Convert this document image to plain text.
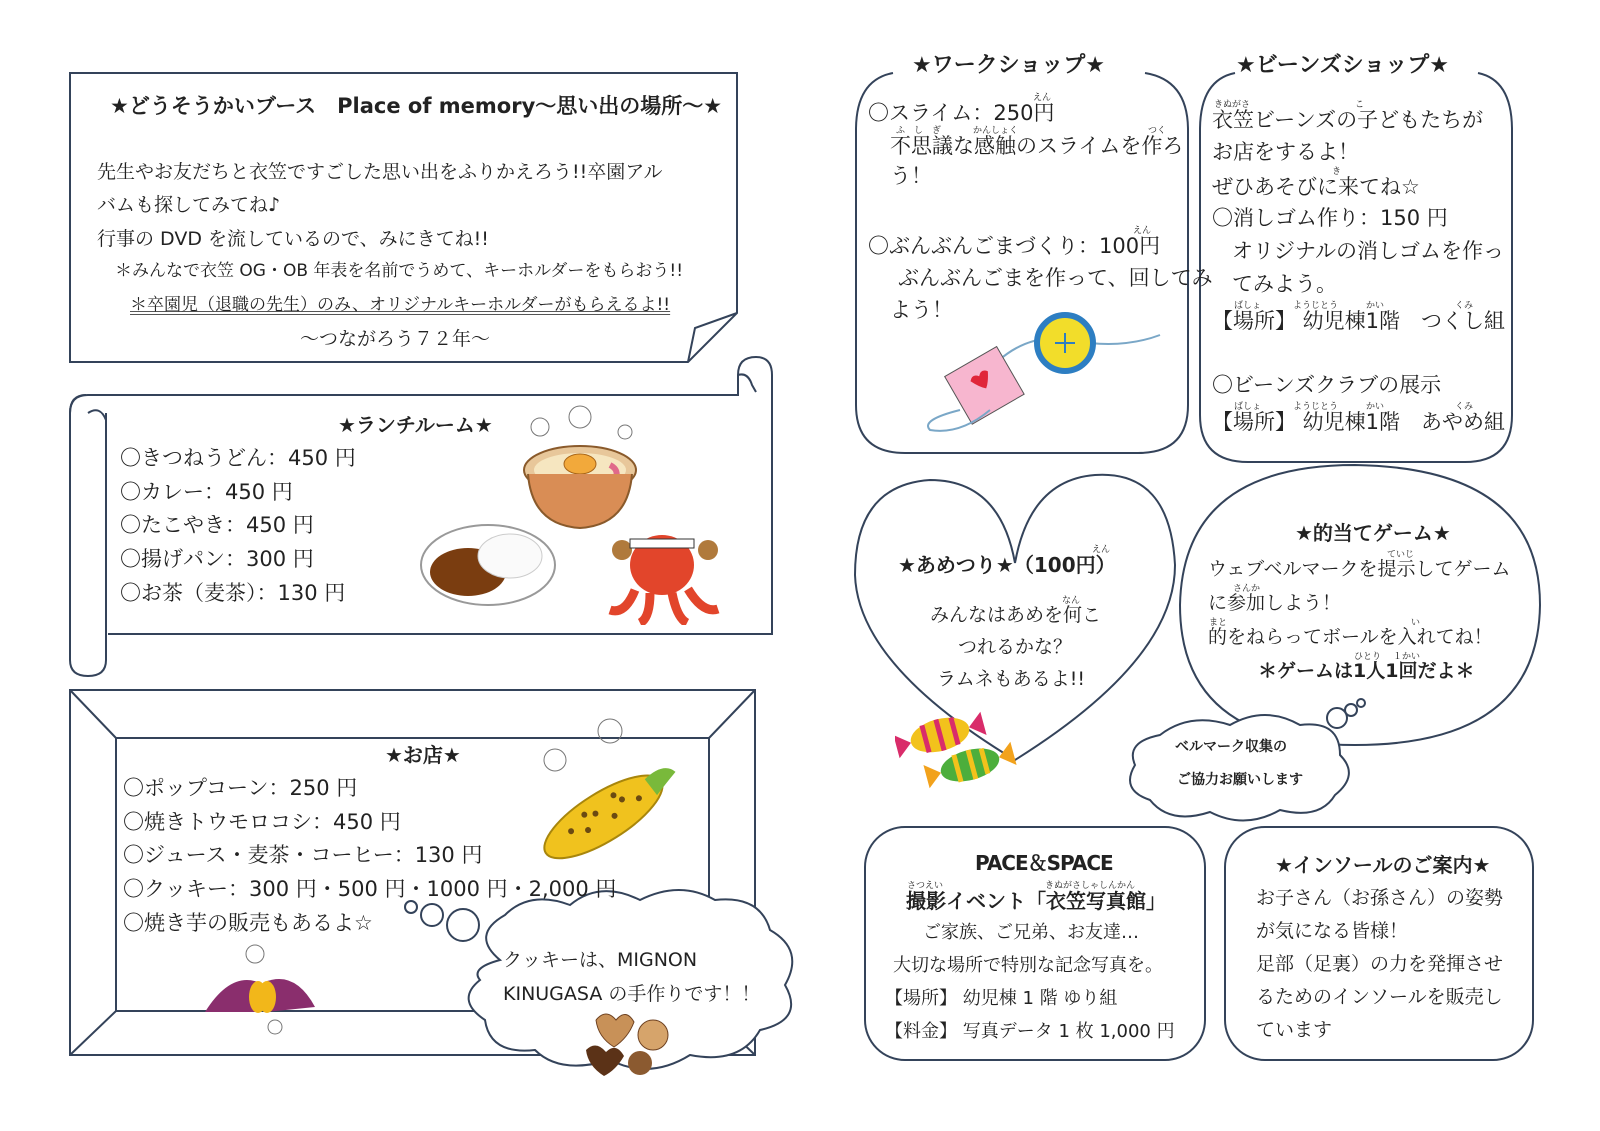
★どうそうかいブース　Place of memory～思い出の場所～★
先生やお友だちと衣笠ですごした思い出をふりかえろう!!卒園アル
バムも探してみてね♪
行事の DVD を流しているので、みにきてね!!
＊みんなで衣笠 OG・OB 年表を名前でうめて、キーホルダーをもらおう!!
＊卒園児（退職の先生）のみ、オリジナルキーホルダーがもらえるよ!!
～つながろう７２年～
★ランチルーム★
〇きつねうどん：450 円
〇カレー：450 円
〇たこやき：450 円
〇揚げパン：300 円
〇お茶（麦茶）：130 円
★お店★
〇ポップコーン：250 円
〇焼きトウモロコシ：450 円
〇ジュース・麦茶・コーヒー：130 円
〇クッキー：300 円・500 円・1000 円・2,000 円
〇焼き芋の販売もあるよ☆
クッキーは、MIGNON
KINUGASA の手作りです！！
★ワークショップ★
えん
〇スライム：250円
ふ　し　ぎ	かんしょく	つく
不思議な感触のスライムを作ろ
う！
えん
〇ぶんぶんごまづくり：100円
ぶんぶんごまを作って、回してみ
よう！
★ビーンズショップ★
きぬがさ	こ
衣笠ビーンズの子どもたちが
お店をするよ！
き
ぜひあそびに来てね☆
〇消しゴム作り：150 円
オリジナルの消しゴムを作っ
てみよう。
ばしょ	ようじとう	かい	くみ
【場所】 幼児棟1階　つくし組
〇ビーンズクラブの展示
ばしょ	ようじとう	かい	くみ
【場所】 幼児棟1階　あやめ組
えん
★あめつり★（100円）
なん
みんなはあめを何こ
つれるかな？
ラムネもあるよ!!
★的当てゲーム★
ていじ
ウェブベルマークを提示してゲーム
さんか
に参加しよう！
まと	い
的をねらってボールを入れてね！
ひとり １かい
＊ゲームは1人1回だよ＊
ベルマーク収集の
ご協力お願いします
PACE＆SPACE
さつえい	きぬがさしゃしんかん
撮影イベント「衣笠写真館」
ご家族、ご兄弟、お友達…
大切な場所で特別な記念写真を。
【場所】 幼児棟 1 階 ゆり組
【料金】 写真データ 1 枚 1,000 円
★インソールのご案内★
お子さん（お孫さん）の姿勢
が気になる皆様！
足部（足裏）の力を発揮させ
るためのインソールを販売し
ています
